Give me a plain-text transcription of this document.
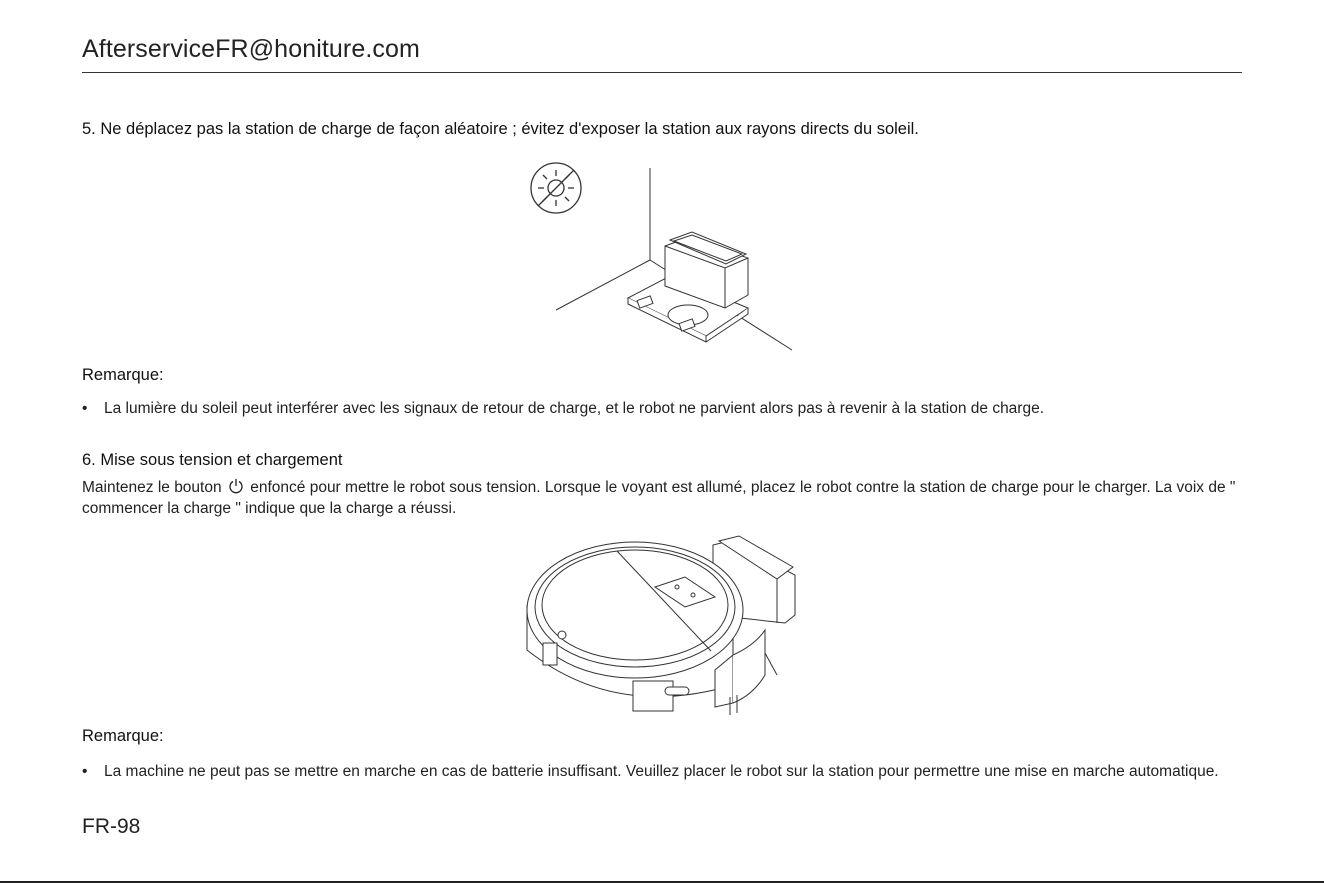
AfterserviceFR@honiture.com
5. Ne déplacez pas la station de charge de façon aléatoire ; évitez d'exposer la station aux rayons directs du soleil.
Remarque:
• La lumière du soleil peut interférer avec les signaux de retour de charge, et le robot ne parvient alors pas à revenir à la station de charge.
6. Mise sous tension et chargement
Maintenez le bouton enfoncé pour mettre le robot sous tension. Lorsque le voyant est allumé, placez le robot contre la station de charge pour le charger. La voix de " commencer la charge " indique que la charge a réussi.
Remarque:
• La machine ne peut pas se mettre en marche en cas de batterie insuffisant. Veuillez placer le robot sur la station pour permettre une mise en marche automatique.
FR-98
